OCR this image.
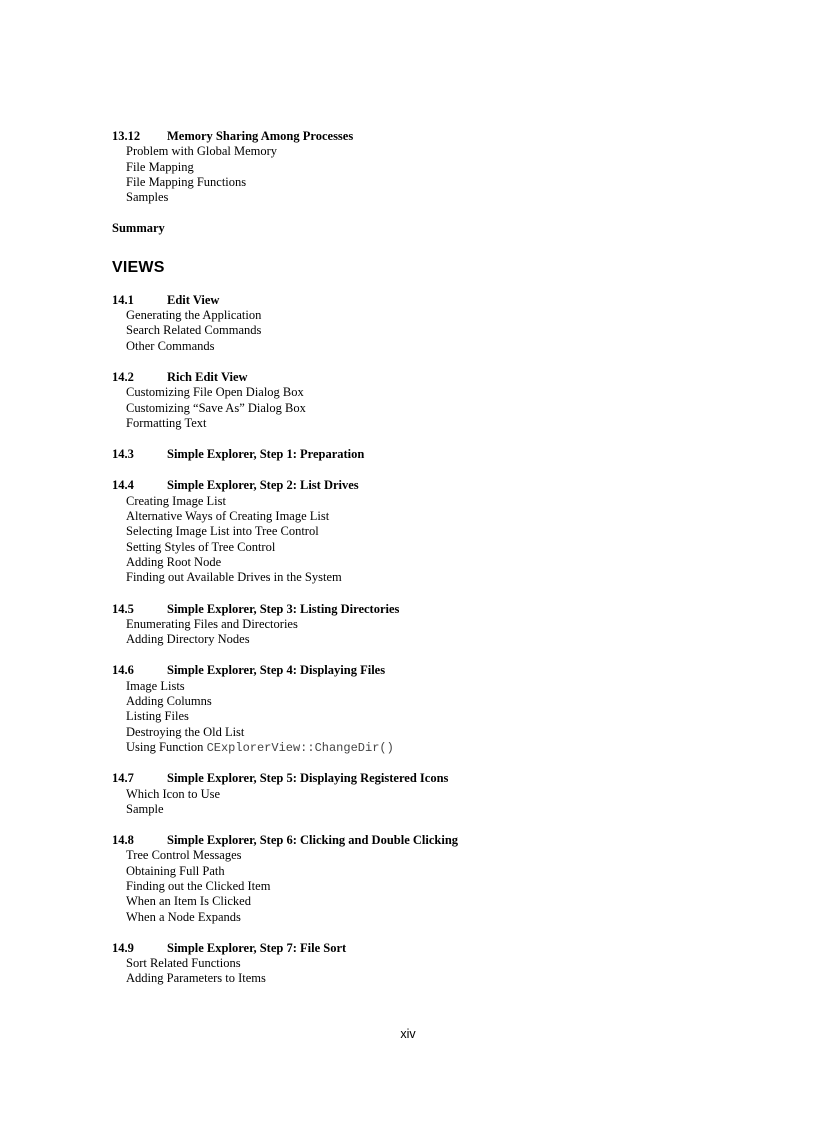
13.12 Memory Sharing Among Processes
Problem with Global Memory
File Mapping
File Mapping Functions
Samples
Summary
VIEWS
14.1	Edit View
Generating the Application
Search Related Commands
Other Commands
14.2	Rich Edit View
Customizing File Open Dialog Box
Customizing “Save As” Dialog Box
Formatting Text
14.3	Simple Explorer, Step 1: Preparation
14.4	Simple Explorer, Step 2: List Drives
Creating Image List
Alternative Ways of Creating Image List
Selecting Image List into Tree Control
Setting Styles of Tree Control
Adding Root Node
Finding out Available Drives in the System
14.5	Simple Explorer, Step 3: Listing Directories
Enumerating Files and Directories
Adding Directory Nodes
14.6	Simple Explorer, Step 4: Displaying Files
Image Lists
Adding Columns
Listing Files
Destroying the Old List
Using Function CExplorerView::ChangeDir()
14.7	Simple Explorer, Step 5: Displaying Registered Icons
Which Icon to Use
Sample
14.8	Simple Explorer, Step 6: Clicking and Double Clicking
Tree Control Messages
Obtaining Full Path
Finding out the Clicked Item
When an Item Is Clicked
When a Node Expands
14.9	Simple Explorer, Step 7: File Sort
Sort Related Functions
Adding Parameters to Items
xiv
